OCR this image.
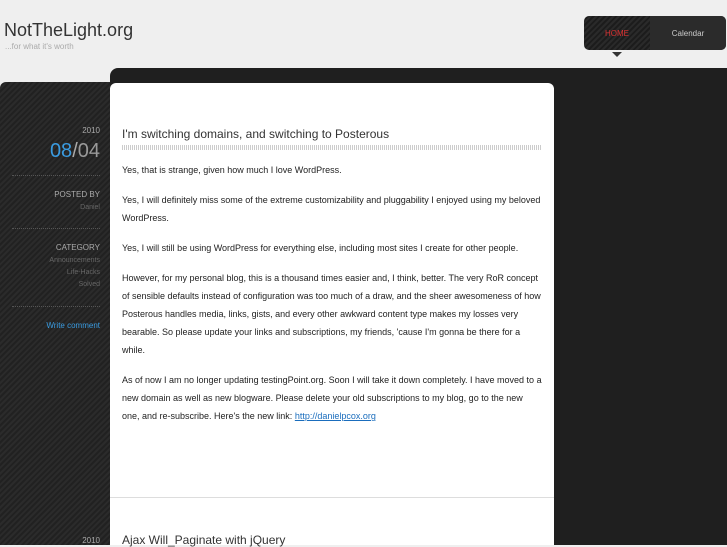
NotTheLight.org
...for what it's worth
HOME	Calendar
2010
08/04
POSTED BY
Daniel
CATEGORY
Announcements
Life-Hacks
Solved
Write comment
I'm switching domains, and switching to Posterous

Yes, that is strange, given how much I love WordPress.

Yes, I will definitely miss some of the extreme customizability and pluggability I enjoyed using my beloved WordPress.

Yes, I will still be using WordPress for everything else, including most sites I create for other people.

However, for my personal blog, this is a thousand times easier and, I think, better. The very RoR concept of sensible defaults instead of configuration was too much of a draw, and the sheer awesomeness of how Posterous handles media, links, gists, and every other awkward content type makes my losses very bearable. So please update your links and subscriptions, my friends, 'cause I'm gonna be there for a while.

As of now I am no longer updating testingPoint.org. Soon I will take it down completely. I have moved to a new domain as well as new blogware. Please delete your old subscriptions to my blog, go to the new one, and re-subscribe. Here's the new link: http://danielpcox.org

Ajax Will_Paginate with jQuery
2010
